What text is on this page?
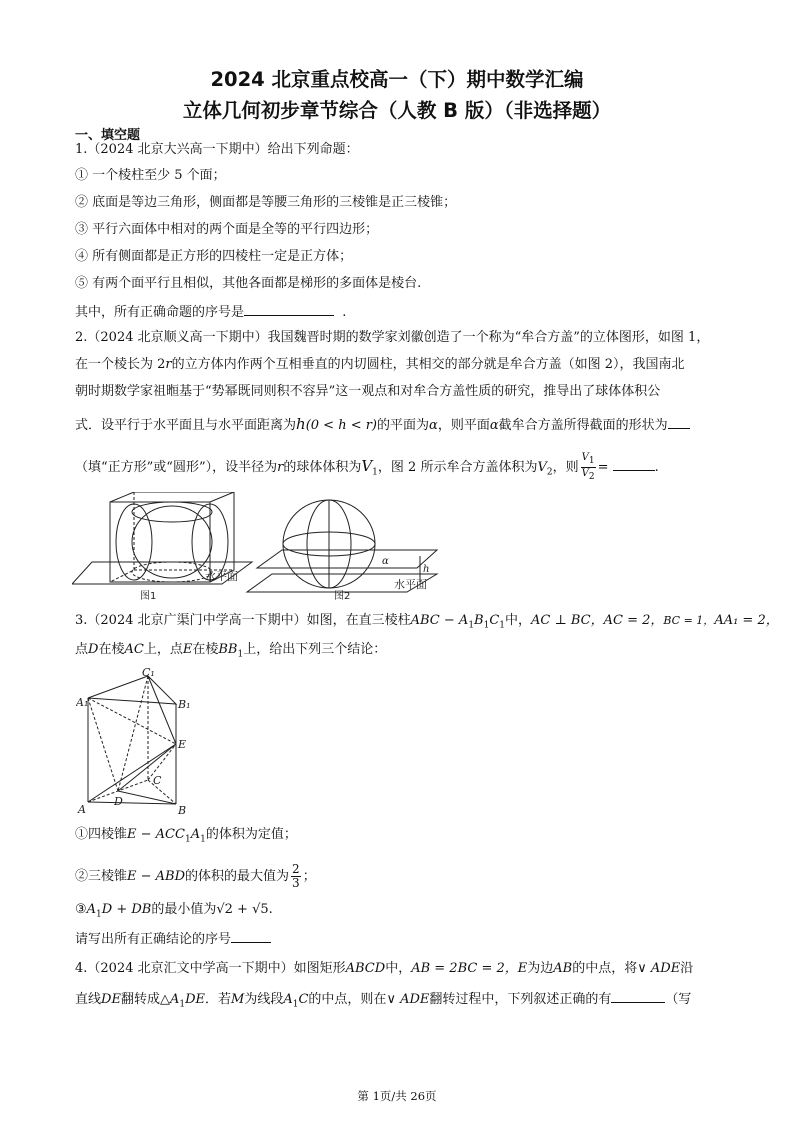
2024 北京重点校高一（下）期中数学汇编
立体几何初步章节综合（人教 B 版）（非选择题）
一、填空题
1.（2024 北京大兴高一下期中）给出下列命题：
① 一个棱柱至少 5 个面；
② 底面是等边三角形，侧面都是等腰三角形的三棱锥是正三棱锥；
③ 平行六面体中相对的两个面是全等的平行四边形；
④ 所有侧面都是正方形的四棱柱一定是正方体；
⑤ 有两个面平行且相似，其他各面都是梯形的多面体是棱台.
其中，所有正确命题的序号是	.
2.（2024 北京顺义高一下期中）我国魏晋时期的数学家刘徽创造了一个称为“牟合方盖”的立体图形，如图 1，
在一个棱长为 2r的立方体内作两个互相垂直的内切圆柱，其相交的部分就是牟合方盖（如图 2），我国南北
朝时期数学家祖暅基于“势幂既同则积不容异”这一观点和对牟合方盖性质的研究，推导出了球体体积公
式．设平行于水平面且与水平面距离为h(0 < h < r)的平面为α，则平面α截牟合方盖所得截面的形状为
（填“正方形”或“圆形”），设半径为r的球体体积为$V_1$，图 2 所示牟合方盖体积为$V_2$，则 $\frac{V_1}{V_2}$ =	.
水平面
图1
α
h
水平面
图2
3.（2024 北京广渠门中学高一下期中）如图，在直三棱柱ABC − $A_1B_1C_1$中，AC ⊥ BC，AC = 2，BC = 1，AA₁ = 2，
点D在棱AC上，点E在棱$BB_1$上，给出下列三个结论：
C₁
A₁	B₁
E
C
D
A	B
①四棱锥$E - ACC_1A_1$的体积为定值；
②三棱锥E − ABD的体积的最大值为 $\frac{2}{3}$ ；
$③A_1D$ + DB的最小值为√2 + √5.
请写出所有正确结论的序号
4.（2024 北京汇文中学高一下期中）如图矩形ABCD中，AB = 2BC = 2，E为边AB的中点，将∨ ADE沿
直线DE翻转成$\triangle A_1DE$．若M为线段$A_1C$的中点，则在∨ ADE翻转过程中，下列叙述正确的有	（写
第 1页/共 26页
